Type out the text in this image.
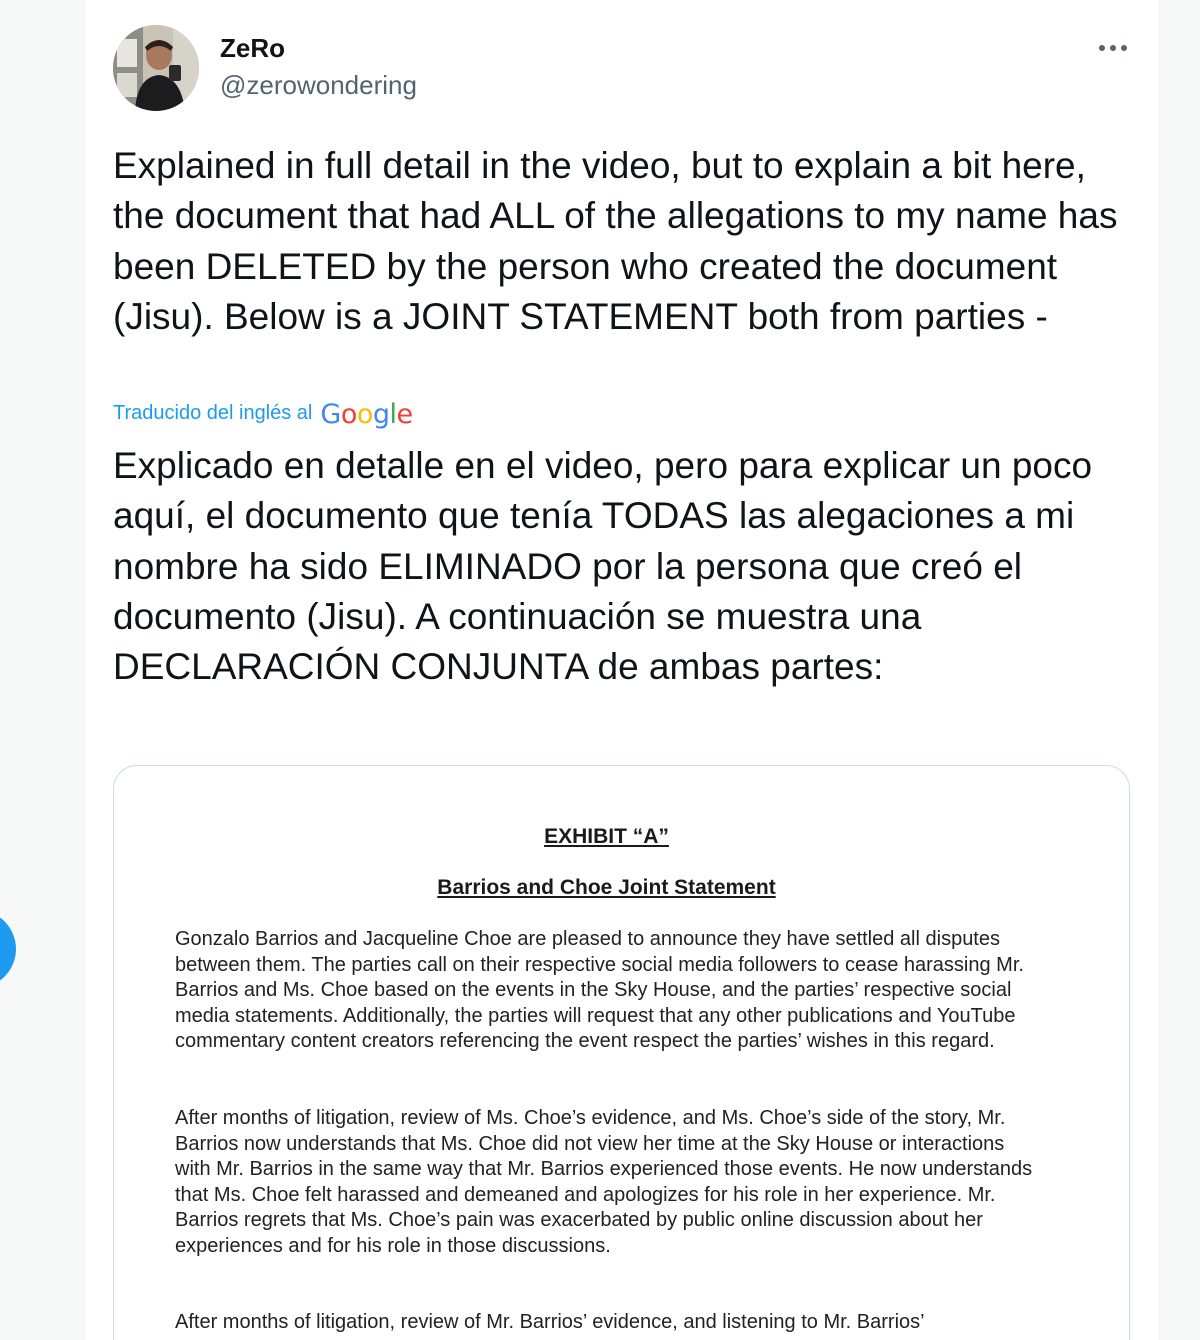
ZeRo
@zerowondering

Explained in full detail in the video, but to explain a bit here, the document that had ALL of the allegations to my name has been DELETED by the person who created the document (Jisu). Below is a JOINT STATEMENT both from parties -

Traducido del inglés al Google

Explicado en detalle en el video, pero para explicar un poco aquí, el documento que tenía TODAS las alegaciones a mi nombre ha sido ELIMINADO por la persona que creó el documento (Jisu). A continuación se muestra una DECLARACIÓN CONJUNTA de ambas partes:

EXHIBIT “A”
Barrios and Choe Joint Statement

Gonzalo Barrios and Jacqueline Choe are pleased to announce they have settled all disputes between them. The parties call on their respective social media followers to cease harassing Mr. Barrios and Ms. Choe based on the events in the Sky House, and the parties’ respective social media statements. Additionally, the parties will request that any other publications and YouTube commentary content creators referencing the event respect the parties’ wishes in this regard.

After months of litigation, review of Ms. Choe’s evidence, and Ms. Choe’s side of the story, Mr. Barrios now understands that Ms. Choe did not view her time at the Sky House or interactions with Mr. Barrios in the same way that Mr. Barrios experienced those events. He now understands that Ms. Choe felt harassed and demeaned and apologizes for his role in her experience. Mr. Barrios regrets that Ms. Choe’s pain was exacerbated by public online discussion about her experiences and for his role in those discussions.

After months of litigation, review of Mr. Barrios’ evidence, and listening to Mr. Barrios’
